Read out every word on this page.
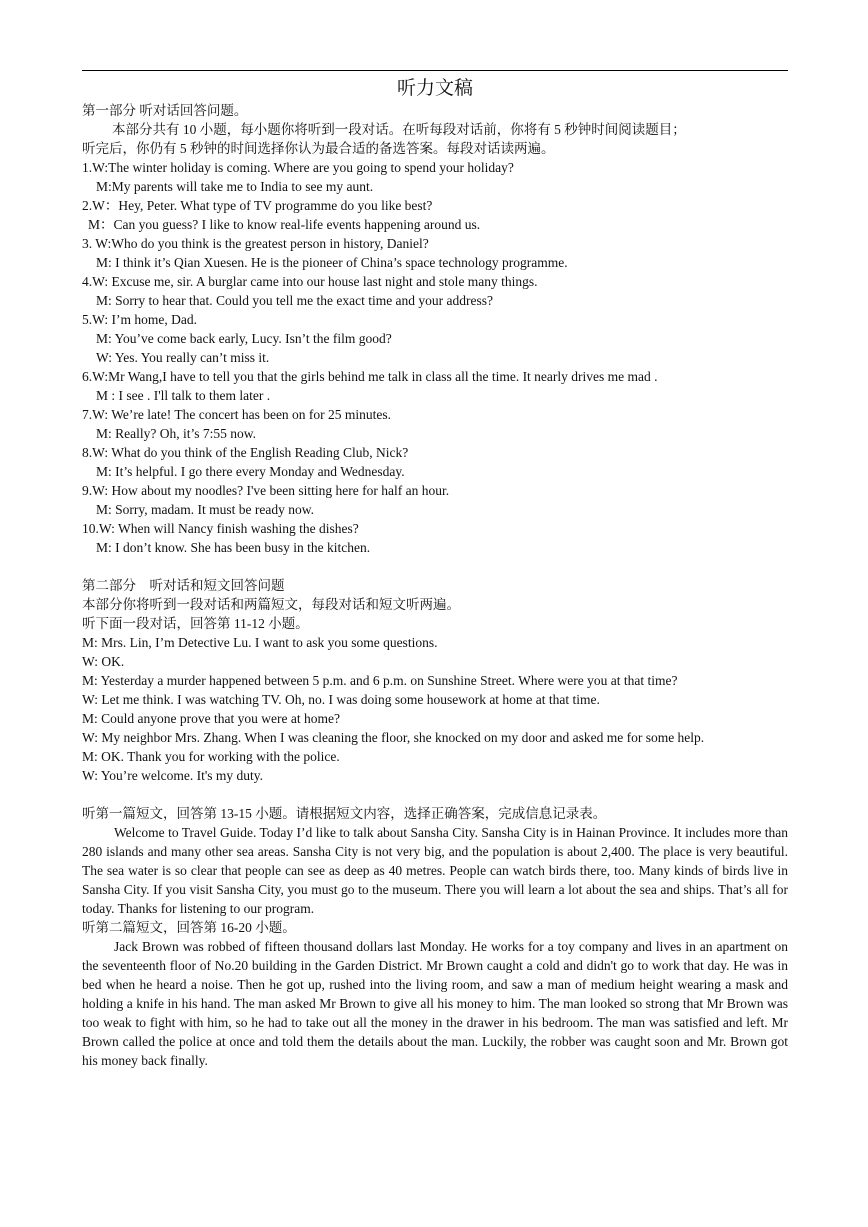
听力文稿
第一部分 听对话回答问题。
本部分共有 10 小题，每小题你将听到一段对话。在听每段对话前，你将有 5 秒钟时间阅读题目；
听完后，你仍有 5 秒钟的时间选择你认为最合适的备选答案。每段对话读两遍。
1.W:The winter holiday is coming. Where are you going to spend your holiday?
M:My parents will take me to India to see my aunt.
2.W：Hey, Peter. What type of TV programme do you like best?
M：Can you guess? I like to know real-life events happening around us.
3. W:Who do you think is the greatest person in history, Daniel?
M: I think it’s Qian Xuesen. He is the pioneer of China’s space technology programme.
4.W: Excuse me, sir. A burglar came into our house last night and stole many things.
M: Sorry to hear that. Could you tell me the exact time and your address?
5.W: I’m home, Dad.
M: You’ve come back early, Lucy. Isn’t the film good?
W: Yes. You really can’t miss it.
6.W:Mr Wang,I have to tell you that the girls behind me talk in class all the time. It nearly drives me mad .
M : I see . I'll talk to them later .
7.W: We’re late! The concert has been on for 25 minutes.
M: Really? Oh, it’s 7:55 now.
8.W: What do you think of the English Reading Club, Nick?
M: It’s helpful. I go there every Monday and Wednesday.
9.W: How about my noodles? I've been sitting here for half an hour.
M: Sorry, madam. It must be ready now.
10.W: When will Nancy finish washing the dishes?
M: I don’t know. She has been busy in the kitchen.
第二部分　听对话和短文回答问题
本部分你将听到一段对话和两篇短文，每段对话和短文听两遍。
听下面一段对话，回答第 11-12 小题。
M: Mrs. Lin, I’m Detective Lu. I want to ask you some questions.
W: OK.
M: Yesterday a murder happened between 5 p.m. and 6 p.m. on Sunshine Street. Where were you at that time?
W: Let me think. I was watching TV. Oh, no. I was doing some housework at home at that time.
M: Could anyone prove that you were at home?
W: My neighbor Mrs. Zhang. When I was cleaning the floor, she knocked on my door and asked me for some help.
M: OK. Thank you for working with the police.
W: You’re welcome. It's my duty.
听第一篇短文，回答第 13-15 小题。请根据短文内容，选择正确答案，完成信息记录表。
Welcome to Travel Guide. Today I’d like to talk about Sansha City. Sansha City is in Hainan Province. It includes more than 280 islands and many other sea areas. Sansha City is not very big, and the population is about 2,400. The place is very beautiful. The sea water is so clear that people can see as deep as 40 metres. People can watch birds there, too. Many kinds of birds live in Sansha City. If you visit Sansha City, you must go to the museum. There you will learn a lot about the sea and ships. That’s all for today. Thanks for listening to our program.
听第二篇短文，回答第 16-20 小题。
Jack Brown was robbed of fifteen thousand dollars last Monday. He works for a toy company and lives in an apartment on the seventeenth floor of No.20 building in the Garden District. Mr Brown caught a cold and didn't go to work that day. He was in bed when he heard a noise. Then he got up, rushed into the living room, and saw a man of medium height wearing a mask and holding a knife in his hand. The man asked Mr Brown to give all his money to him. The man looked so strong that Mr Brown was too weak to fight with him, so he had to take out all the money in the drawer in his bedroom. The man was satisfied and left. Mr Brown called the police at once and told them the details about the man. Luckily, the robber was caught soon and Mr. Brown got his money back finally.
